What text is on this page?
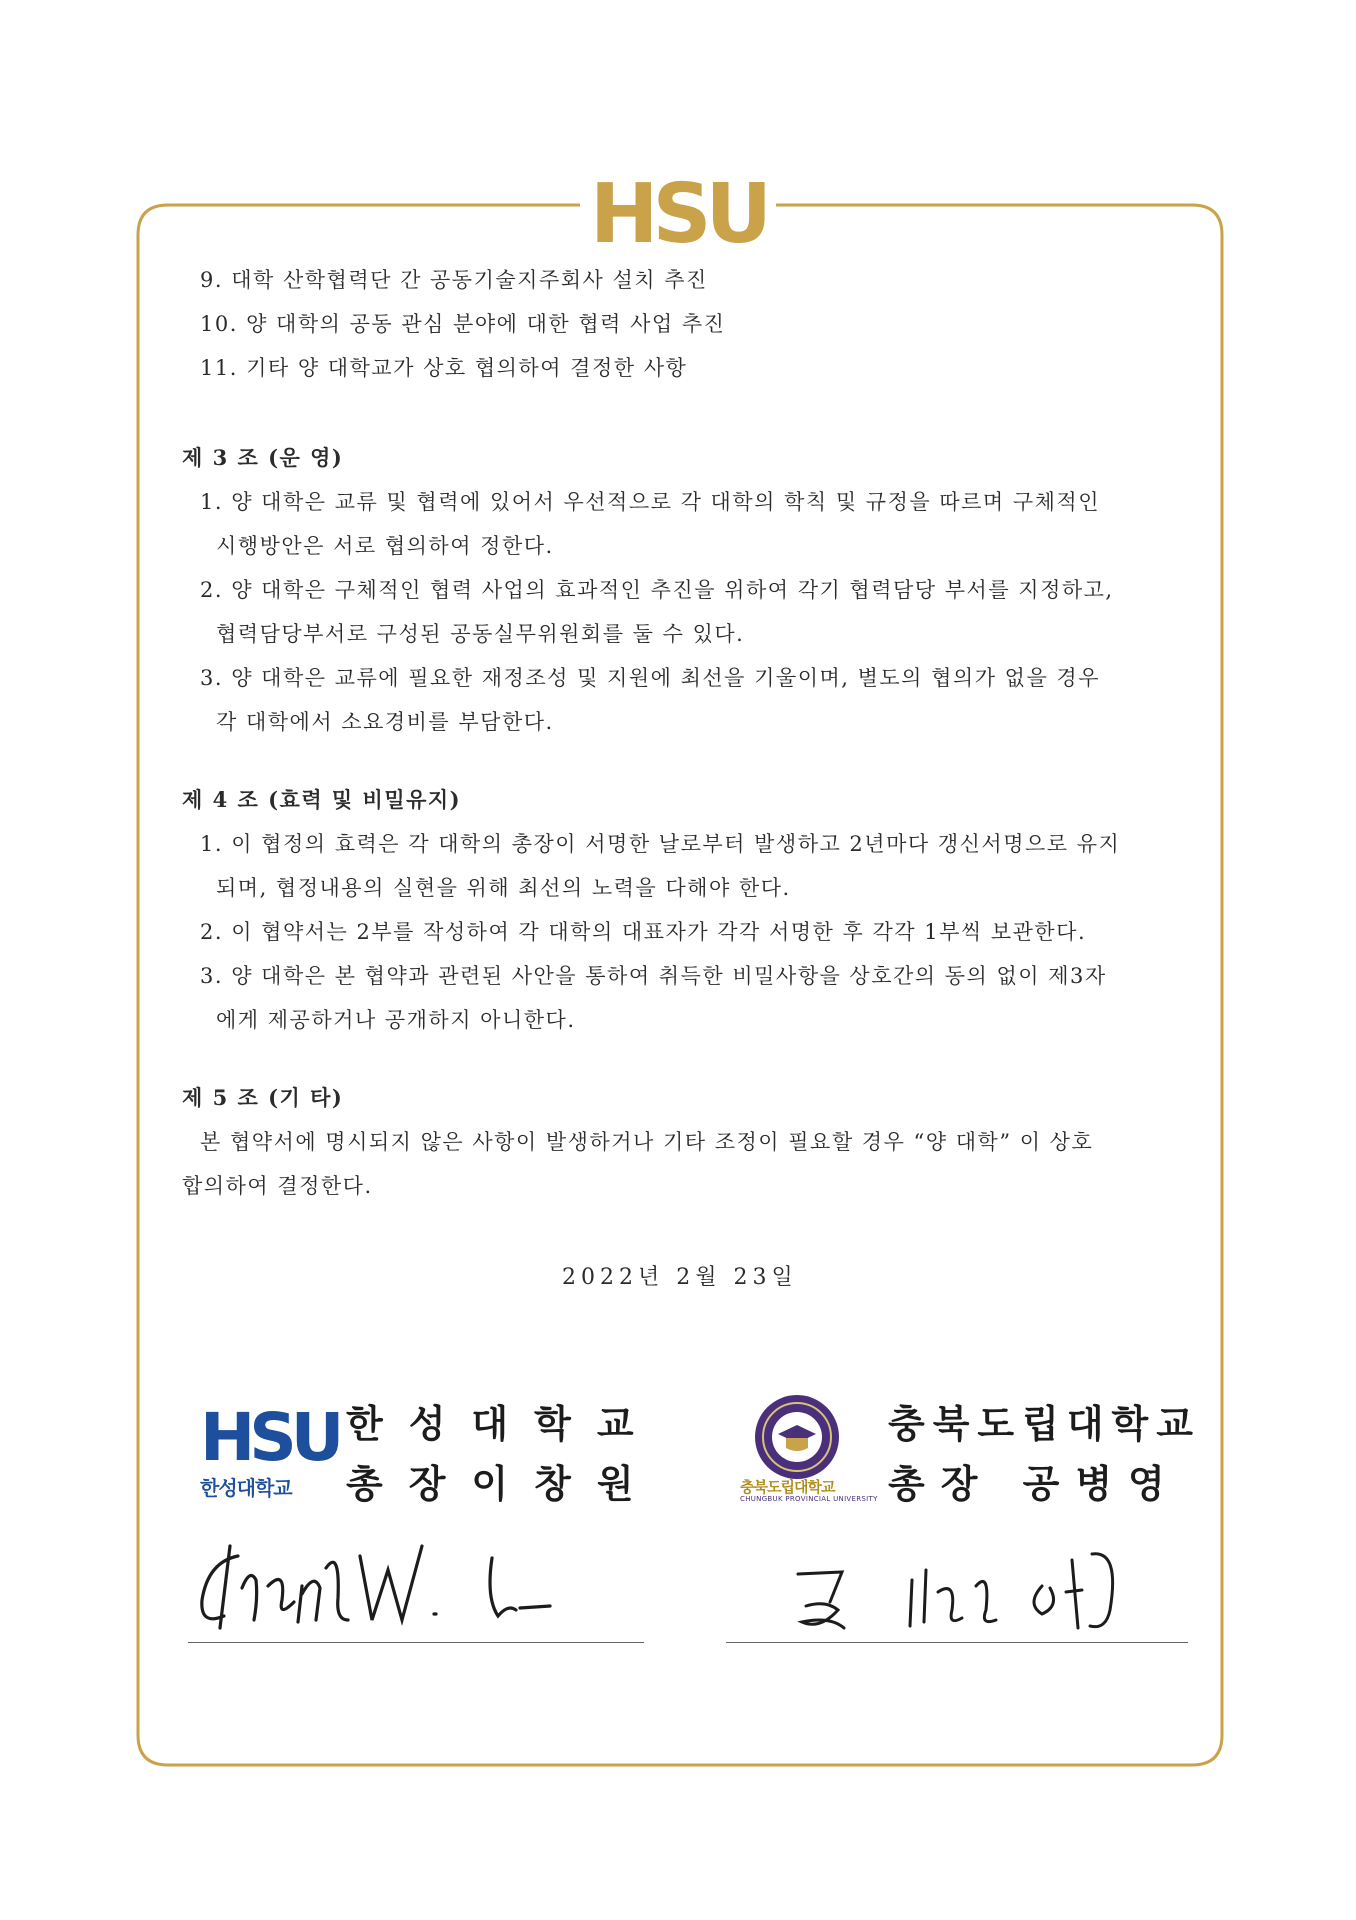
HSU
9. 대학 산학협력단 간 공동기술지주회사 설치 추진
10. 양 대학의 공동 관심 분야에 대한 협력 사업 추진
11. 기타 양 대학교가 상호 협의하여 결정한 사항
제 3 조 (운 영)
1. 양 대학은 교류 및 협력에 있어서 우선적으로 각 대학의 학칙 및 규정을 따르며 구체적인
시행방안은 서로 협의하여 정한다.
2. 양 대학은 구체적인 협력 사업의 효과적인 추진을 위하여 각기 협력담당 부서를 지정하고,
협력담당부서로 구성된 공동실무위원회를 둘 수 있다.
3. 양 대학은 교류에 필요한 재정조성 및 지원에 최선을 기울이며, 별도의 협의가 없을 경우
각 대학에서 소요경비를 부담한다.
제 4 조 (효력 및 비밀유지)
1. 이 협정의 효력은 각 대학의 총장이 서명한 날로부터 발생하고 2년마다 갱신서명으로 유지
되며, 협정내용의 실현을 위해 최선의 노력을 다해야 한다.
2. 이 협약서는 2부를 작성하여 각 대학의 대표자가 각각 서명한 후 각각 1부씩 보관한다.
3. 양 대학은 본 협약과 관련된 사안을 통하여 취득한 비밀사항을 상호간의 동의 없이 제3자
에게 제공하거나 공개하지 아니한다.
제 5 조 (기 타)
본 협약서에 명시되지 않은 사항이 발생하거나 기타 조정이 필요할 경우 “양 대학” 이 상호
합의하여 결정한다.
2022년 2월 23일
HSU
한성대학교
한성대학교
총장이창원	충북도립대학교
CHUNGBUK PROVINCIAL UNIVERSITY
충북도립대학교
총장 공병영
